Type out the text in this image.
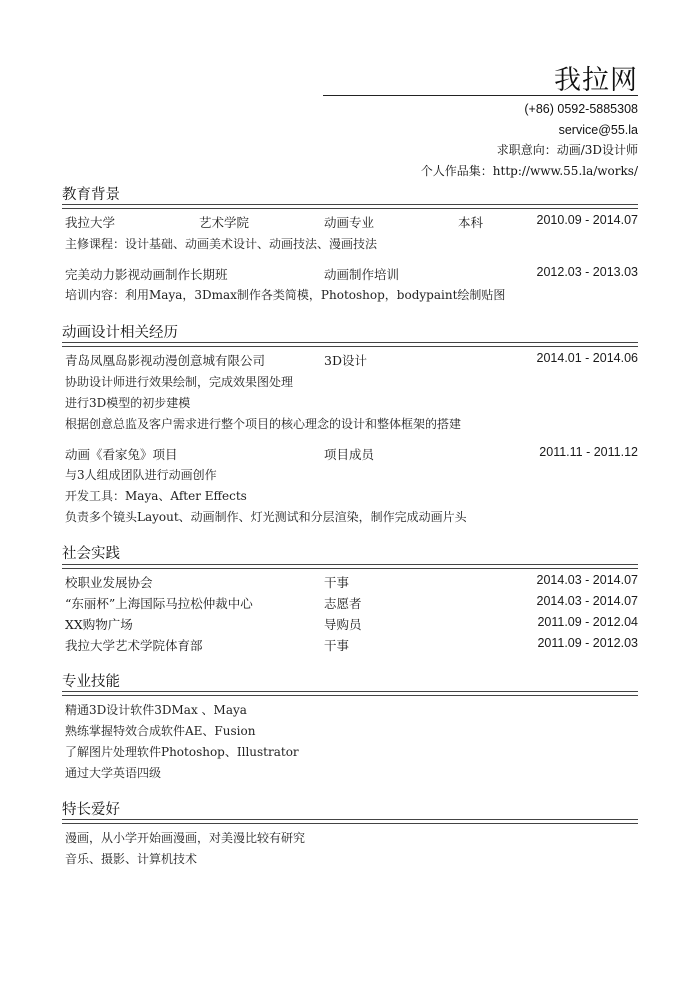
我拉网
(+86) 0592-5885308
service@55.la
求职意向：动画/3D设计师
个人作品集：http://www.55.la/works/
教育背景
我拉大学	艺术学院	动画专业	本科	2010.09 - 2014.07
主修课程：设计基础、动画美术设计、动画技法、漫画技法
完美动力影视动画制作长期班	动画制作培训	2012.03 - 2013.03
培训内容：利用Maya，3Dmax制作各类简模，Photoshop，bodypaint绘制贴图
动画设计相关经历
青岛凤凰岛影视动漫创意城有限公司	3D设计	2014.01 - 2014.06
协助设计师进行效果绘制，完成效果图处理
进行3D模型的初步建模
根据创意总监及客户需求进行整个项目的核心理念的设计和整体框架的搭建
动画《看家兔》项目	项目成员	2011.11 - 2011.12
与3人组成团队进行动画创作
开发工具：Maya、After Effects
负责多个镜头Layout、动画制作、灯光测试和分层渲染，制作完成动画片头
社会实践
校职业发展协会	干事	2014.03 - 2014.07
“东丽杯”上海国际马拉松仲裁中心	志愿者	2014.03 - 2014.07
XX购物广场	导购员	2011.09 - 2012.04
我拉大学艺术学院体育部	干事	2011.09 - 2012.03
专业技能
精通3D设计软件3DMax 、Maya
熟练掌握特效合成软件AE、Fusion
了解图片处理软件Photoshop、Illustrator
通过大学英语四级
特长爱好
漫画，从小学开始画漫画，对美漫比较有研究
音乐、摄影、计算机技术
